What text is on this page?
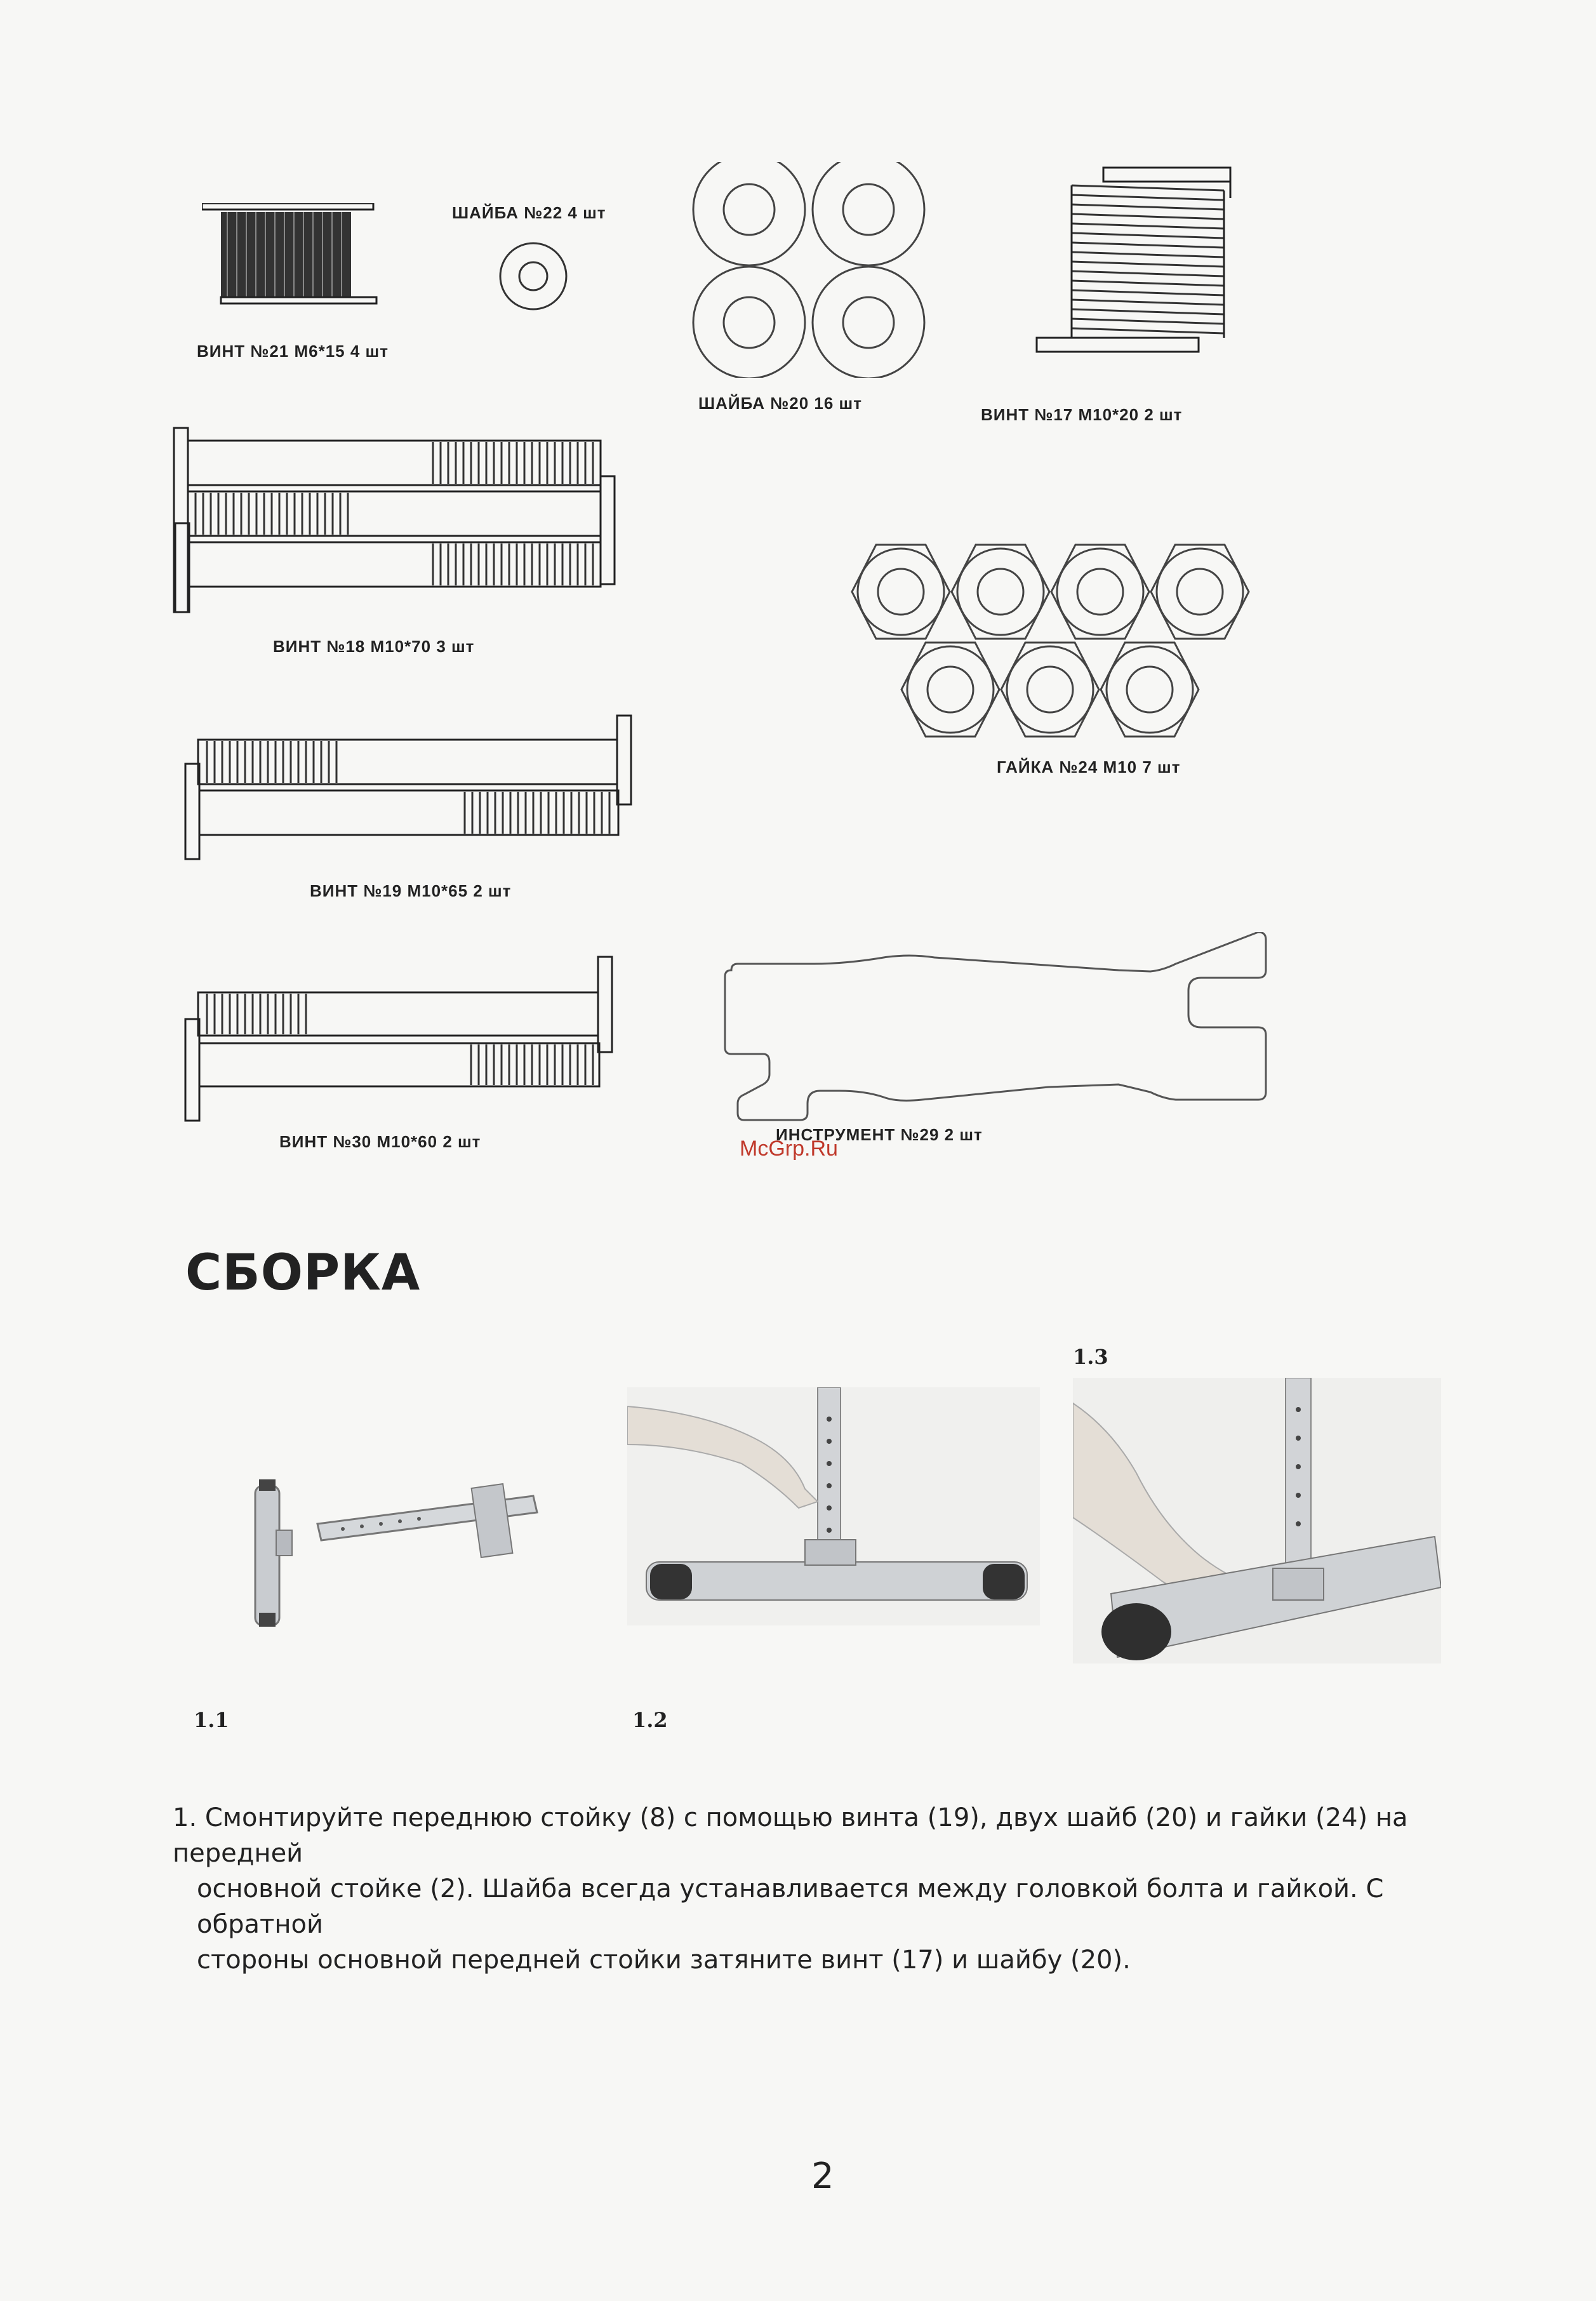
ВИНТ №21 М6*15 4 шт
ШАЙБА №22 4 шт
ШАЙБА №20 16 шт
ВИНТ №17 М10*20 2 шт
ВИНТ №18 М10*70 3 шт
ГАЙКА №24 М10 7 шт
ВИНТ №19 М10*65 2 шт
ВИНТ №30 М10*60 2 шт	ИНСТРУМЕНТ №29 2 шт
McGrp.Ru
СБОРКА
1.1	1.2
1.3
1. Смонтируйте переднюю стойку (8) с помощью винта (19), двух шайб (20) и гайки (24) на передней
основной стойке (2). Шайба всегда устанавливается между головкой болта и гайкой. С обратной
стороны основной передней стойки затяните винт (17) и шайбу (20).
2
